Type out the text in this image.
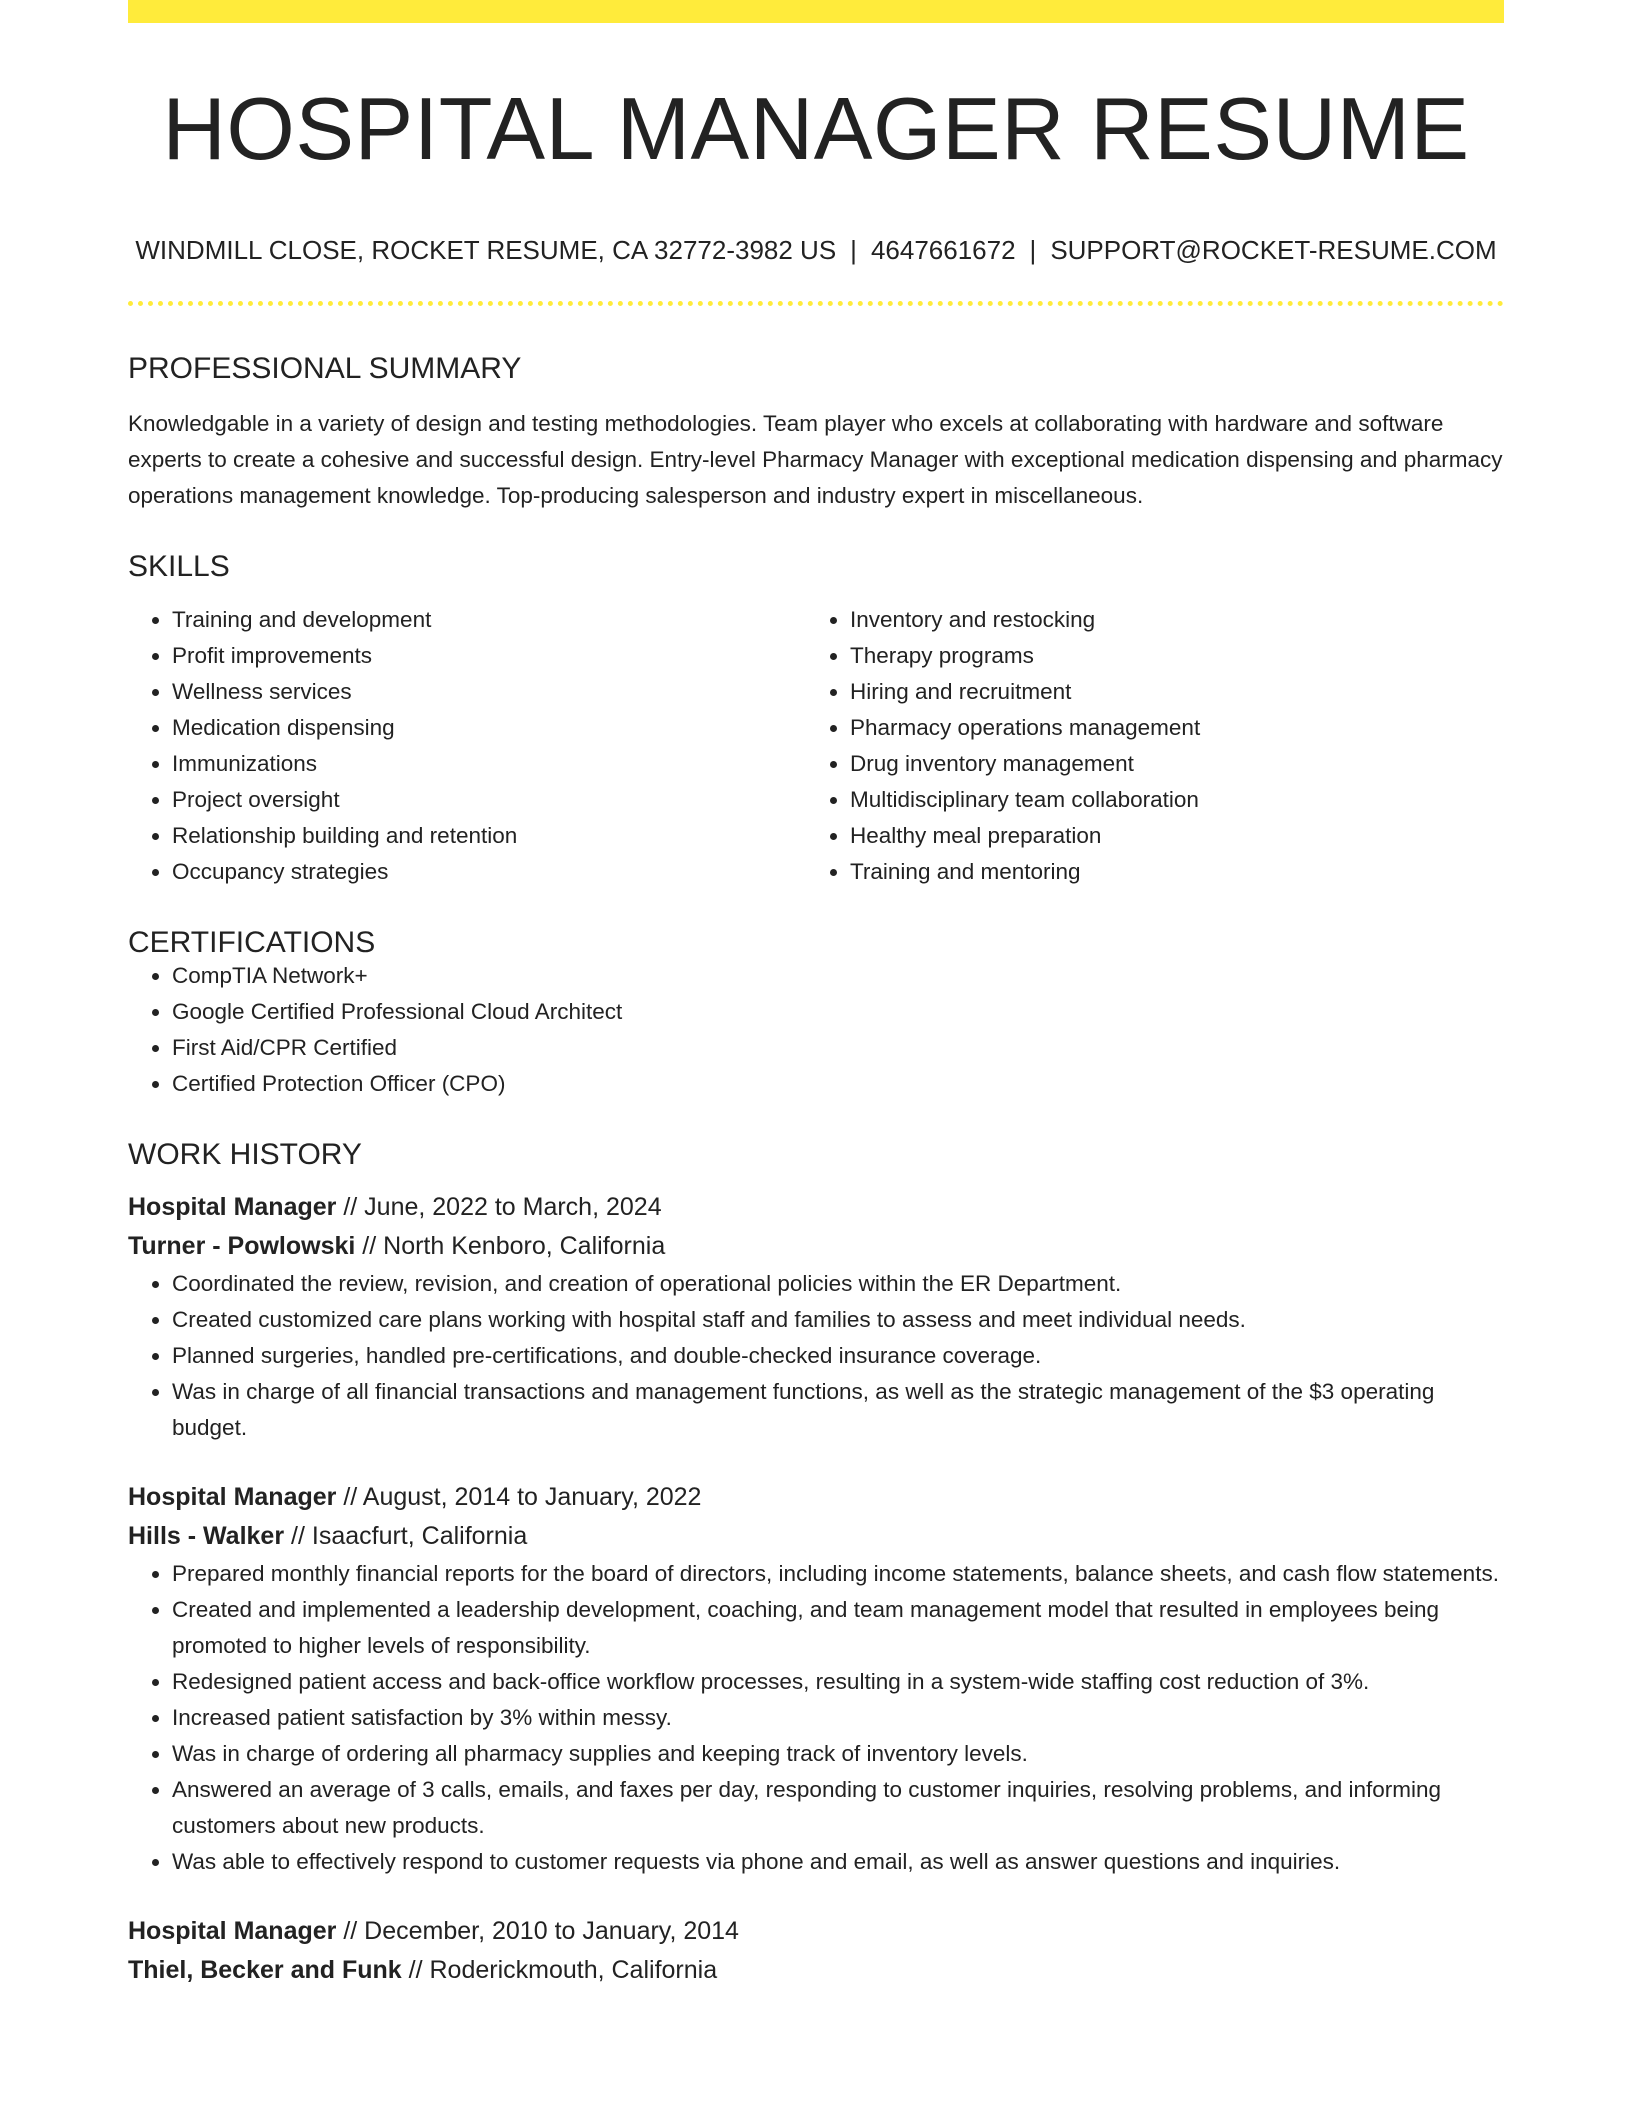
HOSPITAL MANAGER RESUME
WINDMILL CLOSE, ROCKET RESUME, CA 32772-3982 US | 4647661672 | SUPPORT@ROCKET-RESUME.COM
PROFESSIONAL SUMMARY

Knowledgable in a variety of design and testing methodologies. Team player who excels at collaborating with hardware and software experts to create a cohesive and successful design. Entry-level Pharmacy Manager with exceptional medication dispensing and pharmacy operations management knowledge. Top-producing salesperson and industry expert in miscellaneous.

SKILLS
• Training and development
• Profit improvements
• Wellness services
• Medication dispensing
• Immunizations
• Project oversight
• Relationship building and retention
• Occupancy strategies
• Inventory and restocking
• Therapy programs
• Hiring and recruitment
• Pharmacy operations management
• Drug inventory management
• Multidisciplinary team collaboration
• Healthy meal preparation
• Training and mentoring
CERTIFICATIONS
• CompTIA Network+
• Google Certified Professional Cloud Architect
• First Aid/CPR Certified
• Certified Protection Officer (CPO)
WORK HISTORY
Hospital Manager // June, 2022 to March, 2024
Turner - Powlowski // North Kenboro, California
• Coordinated the review, revision, and creation of operational policies within the ER Department.
• Created customized care plans working with hospital staff and families to assess and meet individual needs.
• Planned surgeries, handled pre-certifications, and double-checked insurance coverage.
• Was in charge of all financial transactions and management functions, as well as the strategic management of the $3 operating budget.
Hospital Manager // August, 2014 to January, 2022
Hills - Walker // Isaacfurt, California
• Prepared monthly financial reports for the board of directors, including income statements, balance sheets, and cash flow statements.
• Created and implemented a leadership development, coaching, and team management model that resulted in employees being promoted to higher levels of responsibility.
• Redesigned patient access and back-office workflow processes, resulting in a system-wide staffing cost reduction of 3%.
• Increased patient satisfaction by 3% within messy.
• Was in charge of ordering all pharmacy supplies and keeping track of inventory levels.
• Answered an average of 3 calls, emails, and faxes per day, responding to customer inquiries, resolving problems, and informing customers about new products.
• Was able to effectively respond to customer requests via phone and email, as well as answer questions and inquiries.
Hospital Manager // December, 2010 to January, 2014
Thiel, Becker and Funk // Roderickmouth, California
